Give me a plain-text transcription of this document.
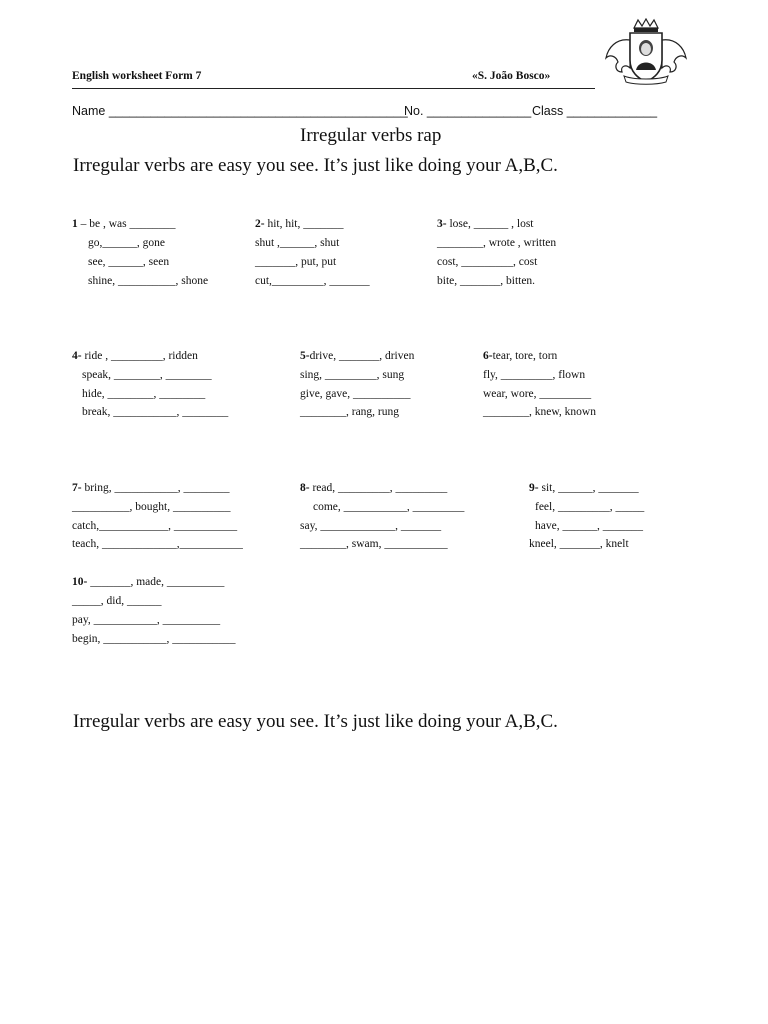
English worksheet Form 7	«S. João Bosco»
Name ___________________________________________
No. _______________ Class _____________
Irregular verbs rap
Irregular verbs are easy you see. It’s just like doing your A,B,C.
1 – be , was ________
go,______, gone
see, ______, seen
shine, __________, shone
2- hit, hit, _______
shut ,______, shut
_______, put, put
cut,_________, _______
3- lose, ______ , lost
________, wrote , written
cost, _________, cost
bite, _______, bitten.
4- ride , _________, ridden
speak, ________, ________
hide, ________, ________
break, ___________, ________
5-drive, _______, driven
sing, _________, sung
give, gave, __________
________, rang, rung
6-tear, tore, torn
fly, _________, flown
wear, wore, _________
________, knew, known
7- bring, ___________, ________
__________, bought, __________
catch,____________, ___________
teach, _____________,___________
8- read, _________, _________
come, ___________, _________
say, _____________, _______
________, swam, ___________
9- sit, ______, _______
feel, _________, _____
have, ______, _______
kneel, _______, knelt
10- _______, made, __________
_____, did, ______
pay, ___________, __________
begin, ___________, ___________
Irregular verbs are easy you see. It’s just like doing your A,B,C.
